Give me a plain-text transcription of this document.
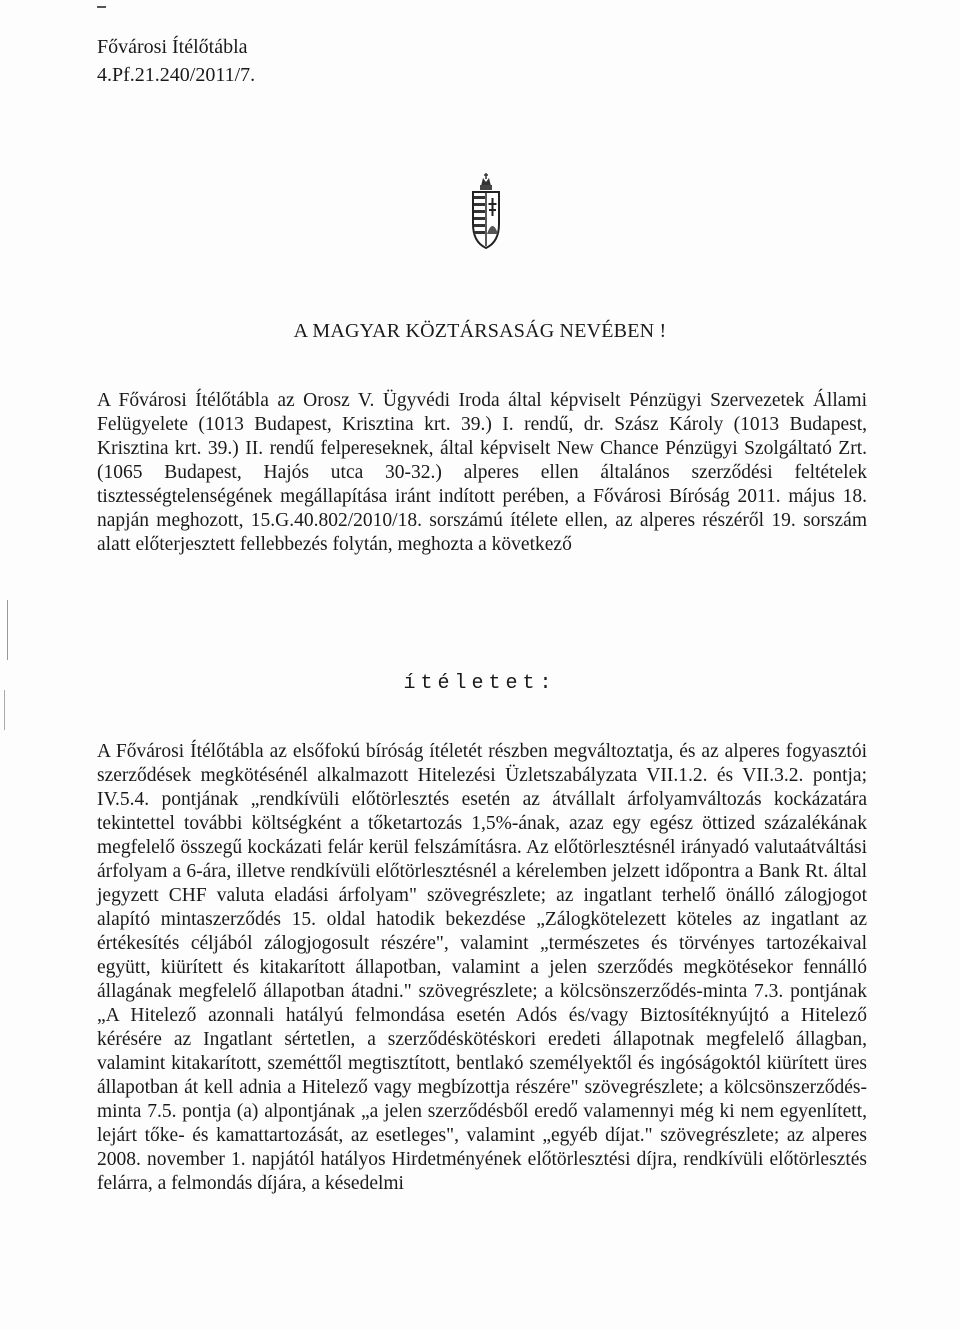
Fővárosi Ítélőtábla
4.Pf.21.240/2011/7.
A MAGYAR KÖZTÁRSASÁG NEVÉBEN !
A Fővárosi Ítélőtábla az Orosz V. Ügyvédi Iroda által képviselt Pénzügyi Szervezetek Állami Felügyelete (1013 Budapest, Krisztina krt. 39.) I. rendű, dr. Szász Károly (1013 Budapest, Krisztina krt. 39.) II. rendű felpereseknek, által képviselt New Chance Pénzügyi Szolgáltató Zrt. (1065 Budapest, Hajós utca 30-32.) alperes ellen általános szerződési feltételek tisztességtelenségének megállapítása iránt indított perében, a Fővárosi Bíróság 2011. május 18. napján meghozott, 15.G.40.802/2010/18. sorszámú ítélete ellen, az alperes részéről 19. sorszám alatt előterjesztett fellebbezés folytán, meghozta a következő
ítéletet:
A Fővárosi Ítélőtábla az elsőfokú bíróság ítéletét részben megváltoztatja, és az alperes fogyasztói szerződések megkötésénél alkalmazott Hitelezési Üzletszabályzata VII.1.2. és VII.3.2. pontja; IV.5.4. pontjának „rendkívüli előtörlesztés esetén az átvállalt árfolyamváltozás kockázatára tekintettel további költségként a tőketartozás 1,5%-ának, azaz egy egész öttized százalékának megfelelő összegű kockázati felár kerül felszámításra. Az előtörlesztésnél irányadó valutaátváltási árfolyam a 6-ára, illetve rendkívüli előtörlesztésnél a kérelemben jelzett időpontra a Bank Rt. által jegyzett CHF valuta eladási árfolyam" szövegrészlete; az ingatlant terhelő önálló zálogjogot alapító mintaszerződés 15. oldal hatodik bekezdése „Zálogkötelezett köteles az ingatlant az értékesítés céljából zálogjogosult részére", valamint „természetes és törvényes tartozékaival együtt, kiürített és kitakarított állapotban, valamint a jelen szerződés megkötésekor fennálló állagának megfelelő állapotban átadni." szövegrészlete; a kölcsönszerződés-minta 7.3. pontjának „A Hitelező azonnali hatályú felmondása esetén Adós és/vagy Biztosítéknyújtó a Hitelező kérésére az Ingatlant sértetlen, a szerződéskötéskori eredeti állapotnak megfelelő állagban, valamint kitakarított, szeméttől megtisztított, bentlakó személyektől és ingóságoktól kiürített üres állapotban át kell adnia a Hitelező vagy megbízottja részére" szövegrészlete; a kölcsönszerződés-minta 7.5. pontja (a) alpontjának „a jelen szerződésből eredő valamennyi még ki nem egyenlített, lejárt tőke- és kamattartozását, az esetleges", valamint „egyéb díjat." szövegrészlete; az alperes 2008. november 1. napjától hatályos Hirdetményének előtörlesztési díjra, rendkívüli előtörlesztés felárra, a felmondás díjára, a késedelmi
